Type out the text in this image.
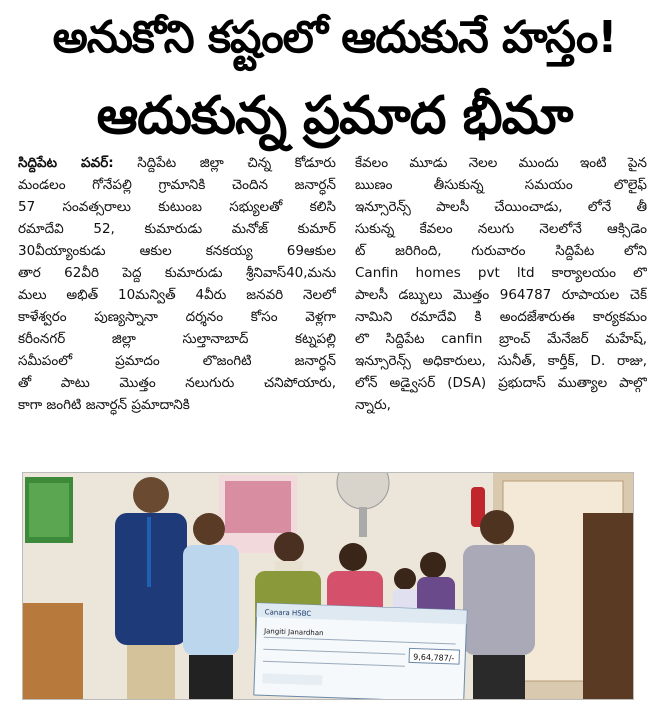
అనుకోని కష్టంలో ఆదుకునే హస్తం!
ఆదుకున్న ప్రమాద భీమా
సిద్దిపేట పవర్: సిద్దిపేట జిల్లా చిన్న కోడూరు
మండలం గోనేపల్లి గ్రామానికి చెందిన జనార్ధన్
57 సంవత్సరాలు కుటుంబ సభ్యులతో కలిసి
రమాదేవి 52, కుమారుడు మనోజ్ కుమార్
30వీయ్యాంకుడు ఆకుల కనకయ్య 69ఆకుల
తార 62వీరి పెద్ద కుమారుడు శ్రీనివాస్40,మను
మలు అభిత్ 10మన్విత్ 4వీరు జనవరి నెలలో
కాళేశ్వరం పుణ్యస్నానా దర్శనం కోసం వెళ్లగా
కరీంనగర్ జిల్లా సుల్తానాబాద్ కట్నపల్లి
సమీపంలో ప్రమాదం లొజంగిటి జనార్ధన్
తో పాటు మొత్తం నలుగురు చనిపోయారు,
కాగా జంగిటి జనార్ధన్ ప్రమాదానికి
కేవలం మూడు నెలల ముందు ఇంటి పైన
ఋణం తీసుకున్న సమయం లొలైఫ్
ఇన్సూరెన్స్ పాలసీ చేయించాడు, లోనే తీ
సుకున్న కేవలం నలుగు నెలలోనే ఆక్సిడెం
ట్ జరిగింది, గురువారం సిద్దిపేట లోని
Canfin homes pvt ltd కార్యాలయం లొ
పాలసీ డబ్బులు మొత్తం 964787 రూపాయల చెక్
నామిని రమాదేవి కి అందజేశారుఈ కార్యకమం
లొ సిద్దిపేట canfin బ్రాంచ్ మేనేజర్ మహేష్,
ఇన్సూరెన్స్ అధికారులు, సునీత్, కార్తీక్, D. రాజు,
లోన్ అడ్వైసర్ (DSA) ప్రభుదాస్ ముత్యాల పాల్గొ
న్నారు,
Canara HSBC
Jangiti Janardhan
9,64,787/-
